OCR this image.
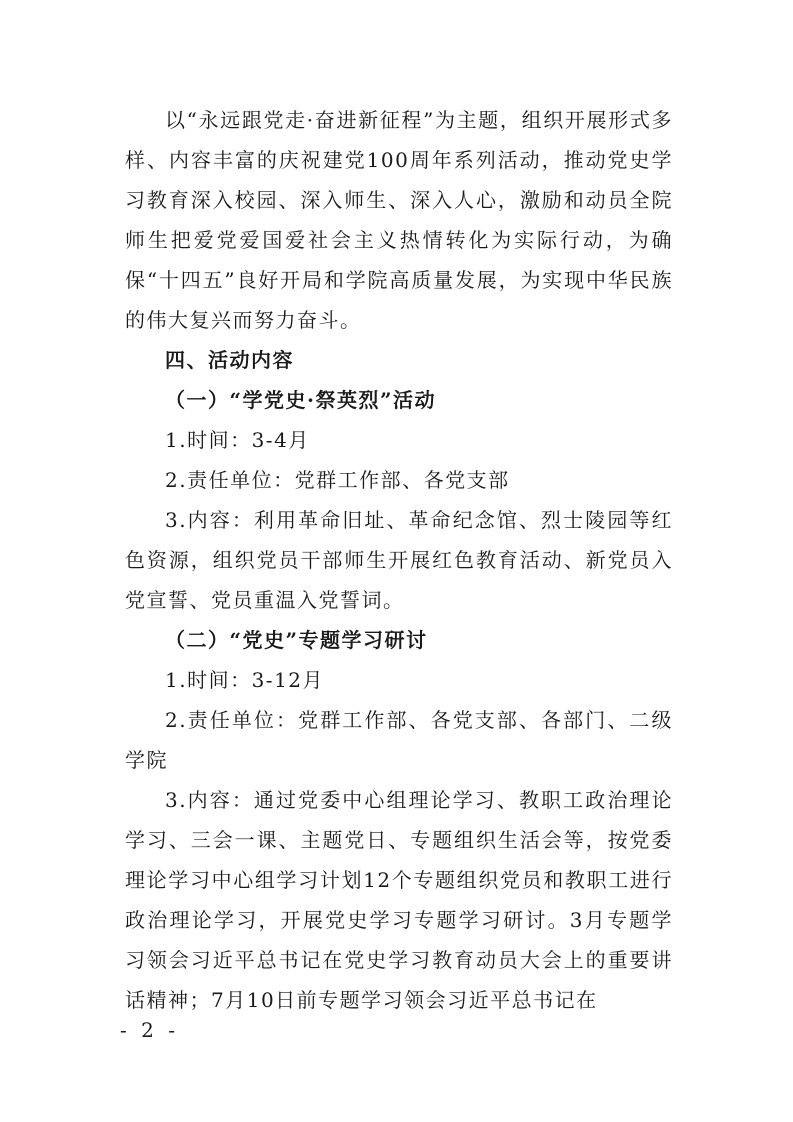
以“永远跟党走·奋进新征程”为主题，组织开展形式多样、内容丰富的庆祝建党100周年系列活动，推动党史学习教育深入校园、深入师生、深入人心，激励和动员全院师生把爱党爱国爱社会主义热情转化为实际行动，为确保“十四五”良好开局和学院高质量发展，为实现中华民族的伟大复兴而努力奋斗。

四、活动内容

（一）“学党史·祭英烈”活动

1.时间：3-4月

2.责任单位：党群工作部、各党支部

3.内容：利用革命旧址、革命纪念馆、烈士陵园等红色资源，组织党员干部师生开展红色教育活动、新党员入党宣誓、党员重温入党誓词。

（二）“党史”专题学习研讨

1.时间：3-12月

2.责任单位：党群工作部、各党支部、各部门、二级学院

3.内容：通过党委中心组理论学习、教职工政治理论学习、三会一课、主题党日、专题组织生活会等，按党委理论学习中心组学习计划12个专题组织党员和教职工进行政治理论学习，开展党史学习专题学习研讨。3月专题学习领会习近平总书记在党史学习教育动员大会上的重要讲话精神；7月10日前专题学习领会习近平总书记在

- 2 -
